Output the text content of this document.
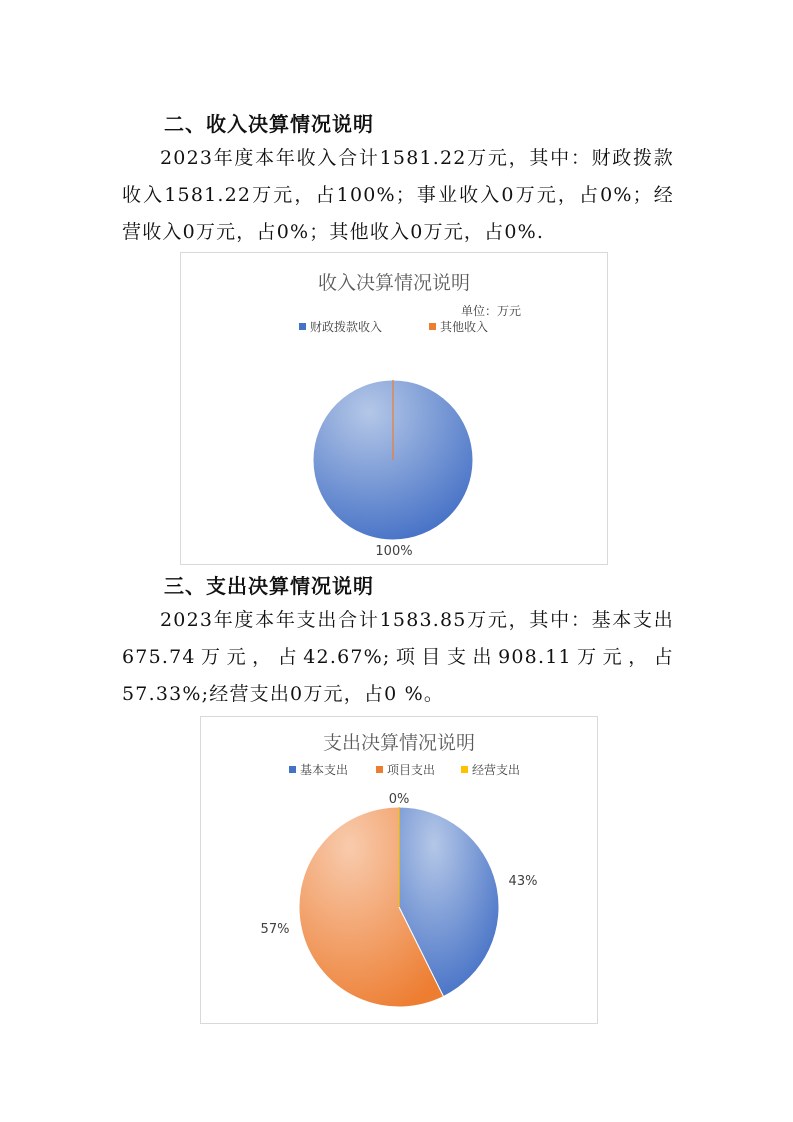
二、收入决算情况说明
2023年度本年收入合计1581.22万元，其中：财政拨款收入1581.22万元，占100%；事业收入0万元，占0%；经营收入0万元，占0%；其他收入0万元，占0%.
收入决算情况说明
单位：万元
财政拨款收入	其他收入
100%
三、支出决算情况说明
2023年度本年支出合计1583.85万元，其中：基本支出675.74万元，占42.67%;项目支出908.11万元，占57.33%;经营支出0万元，占0 %。
支出决算情况说明
基本支出	项目支出	经营支出
43%
57%
0%
